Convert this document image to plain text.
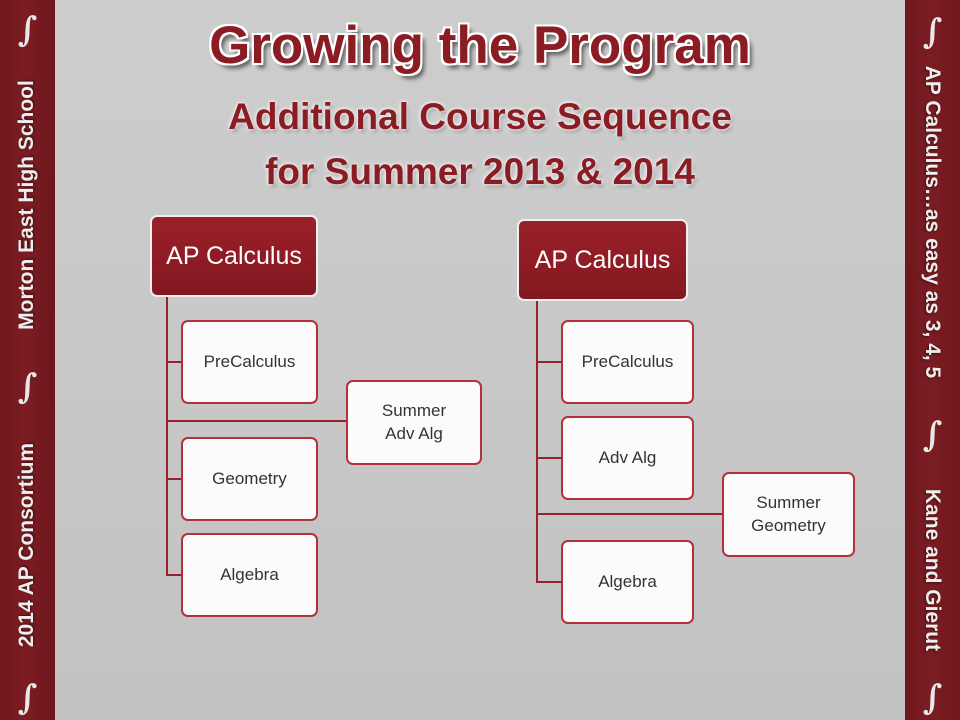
∫
Morton East High School
∫
2014 AP Consortium
∫
∫
AP Calculus…as easy as 3, 4, 5
∫
Kane and Gierut
∫
Growing the Program
Additional Course Sequence
for Summer 2013 & 2014
AP Calculus
PreCalculus
Geometry
Algebra
Summer
Adv Alg
AP Calculus
PreCalculus
Adv Alg
Algebra
Summer
Geometry
